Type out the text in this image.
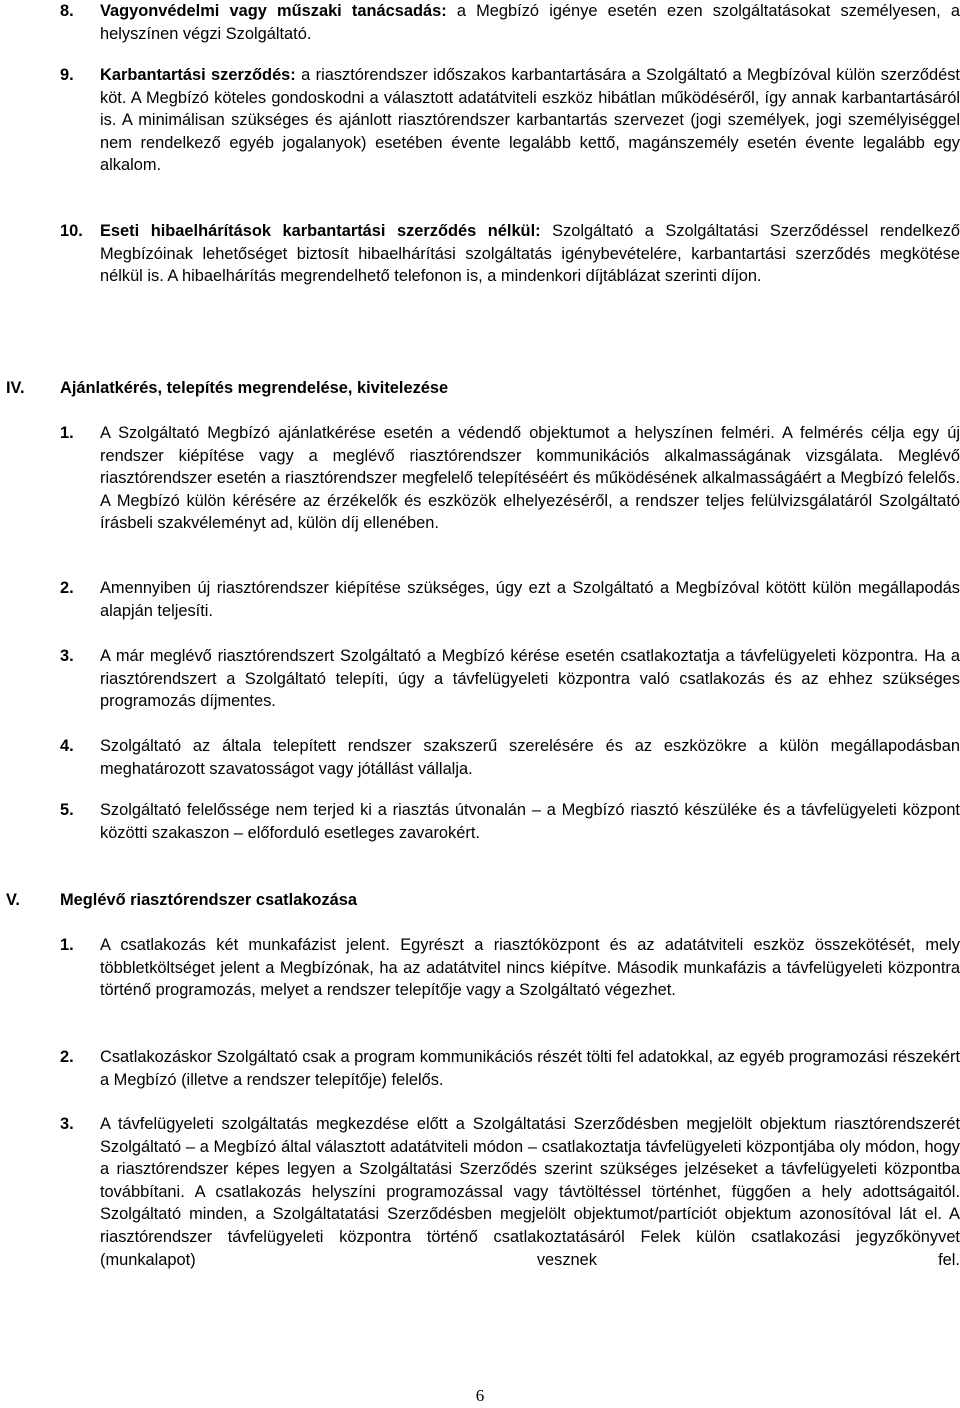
8. Vagyonvédelmi vagy műszaki tanácsadás: a Megbízó igénye esetén ezen szolgáltatásokat személyesen, a helyszínen végzi Szolgáltató.
9. Karbantartási szerződés: a riasztórendszer időszakos karbantartására a Szolgáltató a Megbízóval külön szerződést köt. A Megbízó köteles gondoskodni a választott adatátviteli eszköz hibátlan működéséről, így annak karbantartásáról is. A minimálisan szükséges és ajánlott riasztórendszer karbantartás szervezet (jogi személyek, jogi személyiséggel nem rendelkező egyéb jogalanyok) esetében évente legalább kettő, magánszemély esetén évente legalább egy alkalom.
10. Eseti hibaelhárítások karbantartási szerződés nélkül: Szolgáltató a Szolgáltatási Szerződéssel rendelkező Megbízóinak lehetőséget biztosít hibaelhárítási szolgáltatás igénybevételére, karbantartási szerződés megkötése nélkül is. A hibaelhárítás megrendelhető telefonon is, a mindenkori díjtáblázat szerinti díjon.
IV. Ajánlatkérés, telepítés megrendelése, kivitelezése
1. A Szolgáltató Megbízó ajánlatkérése esetén a védendő objektumot a helyszínen felméri. A felmérés célja egy új rendszer kiépítése vagy a meglévő riasztórendszer kommunikációs alkalmasságának vizsgálata. Meglévő riasztórendszer esetén a riasztórendszer megfelelő telepítéséért és működésének alkalmasságáért a Megbízó felelős. A Megbízó külön kérésére az érzékelők és eszközök elhelyezéséről, a rendszer teljes felülvizsgálatáról Szolgáltató írásbeli szakvéleményt ad, külön díj ellenében.
2. Amennyiben új riasztórendszer kiépítése szükséges, úgy ezt a Szolgáltató a Megbízóval kötött külön megállapodás alapján teljesíti.
3. A már meglévő riasztórendszert Szolgáltató a Megbízó kérése esetén csatlakoztatja a távfelügyeleti központra. Ha a riasztórendszert a Szolgáltató telepíti, úgy a távfelügyeleti központra való csatlakozás és az ehhez szükséges programozás díjmentes.
4. Szolgáltató az általa telepített rendszer szakszerű szerelésére és az eszközökre a külön megállapodásban meghatározott szavatosságot vagy jótállást vállalja.
5. Szolgáltató felelőssége nem terjed ki a riasztás útvonalán – a Megbízó riasztó készüléke és a távfelügyeleti központ közötti szakaszon – előforduló esetleges zavarokért.
V. Meglévő riasztórendszer csatlakozása
1. A csatlakozás két munkafázist jelent. Egyrészt a riasztóközpont és az adatátviteli eszköz összekötését, mely többletköltséget jelent a Megbízónak, ha az adatátvitel nincs kiépítve. Második munkafázis a távfelügyeleti központra történő programozás, melyet a rendszer telepítője vagy a Szolgáltató végezhet.
2. Csatlakozáskor Szolgáltató csak a program kommunikációs részét tölti fel adatokkal, az egyéb programozási részekért a Megbízó (illetve a rendszer telepítője) felelős.
3. A távfelügyeleti szolgáltatás megkezdése előtt a Szolgáltatási Szerződésben megjelölt objektum riasztórendszerét Szolgáltató – a Megbízó által választott adatátviteli módon – csatlakoztatja távfelügyeleti központjába oly módon, hogy a riasztórendszer képes legyen a Szolgáltatási Szerződés szerint szükséges jelzéseket a távfelügyeleti központba továbbítani. A csatlakozás helyszíni programozással vagy távtöltéssel történhet, függően a hely adottságaitól. Szolgáltató minden, a Szolgáltatatási Szerződésben megjelölt objektumot/partíciót objektum azonosítóval lát el. A riasztórendszer távfelügyeleti központra történő csatlakoztatásáról Felek külön csatlakozási jegyzőkönyvet (munkalapot) vesznek fel.
6
